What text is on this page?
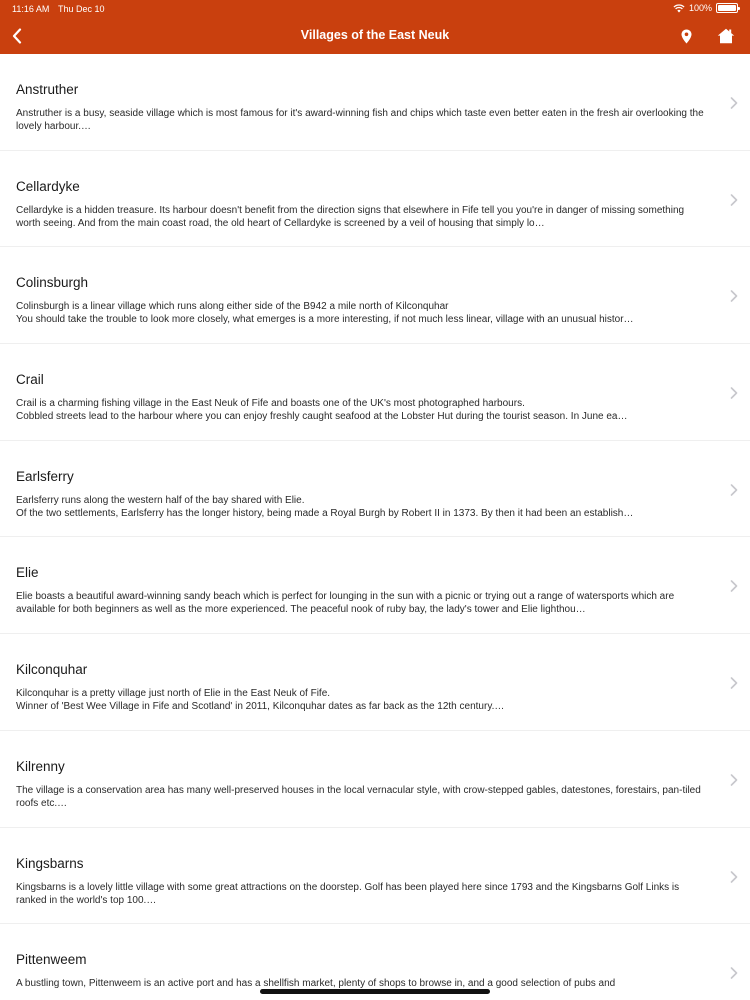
11:16 AM Thu Dec 10	100%
Villages of the East Neuk
Anstruther
Anstruther is a busy, seaside village which is most famous for it's award-winning fish and chips which taste even better eaten in the fresh air overlooking the lovely harbour.…
Cellardyke
Cellardyke is a hidden treasure. Its harbour doesn't benefit from the direction signs that elsewhere in Fife tell you you're in danger of missing something worth seeing. And from the main coast road, the old heart of Cellardyke is screened by a veil of housing that simply lo…
Colinsburgh
Colinsburgh is a linear village which runs along either side of the B942 a mile north of Kilconquhar
You should take the trouble to look more closely, what emerges is a more interesting, if not much less linear, village with an unusual histor…
Crail
Crail is a charming fishing village in the East Neuk of Fife and boasts one of the UK's most photographed harbours.
Cobbled streets lead to the harbour where you can enjoy freshly caught seafood at the Lobster Hut during the tourist season. In June ea…
Earlsferry
Earlsferry runs along the western half of the bay shared with Elie.
Of the two settlements, Earlsferry has the longer history, being made a Royal Burgh by Robert II in 1373. By then it had been an establish…
Elie
Elie boasts a beautiful award-winning sandy beach which is perfect for lounging in the sun with a picnic or trying out a range of watersports which are available for both beginners as well as the more experienced. The peaceful nook of ruby bay, the lady's tower and Elie lighthou…
Kilconquhar
Kilconquhar is a pretty village just north of Elie in the East Neuk of Fife.
Winner of 'Best Wee Village in Fife and Scotland' in 2011, Kilconquhar dates as far back as the 12th century.…
Kilrenny
The village is a conservation area has many well-preserved houses in the local vernacular style, with crow-stepped gables, datestones, forestairs, pan-tiled roofs etc.…
Kingsbarns
Kingsbarns is a lovely little village with some great attractions on the doorstep. Golf has been played here since 1793 and the Kingsbarns Golf Links is ranked in the world's top 100.…
Pittenweem
A bustling town, Pittenweem is an active port and has a shellfish market, plenty of shops to browse in, and a good selection of pubs and
